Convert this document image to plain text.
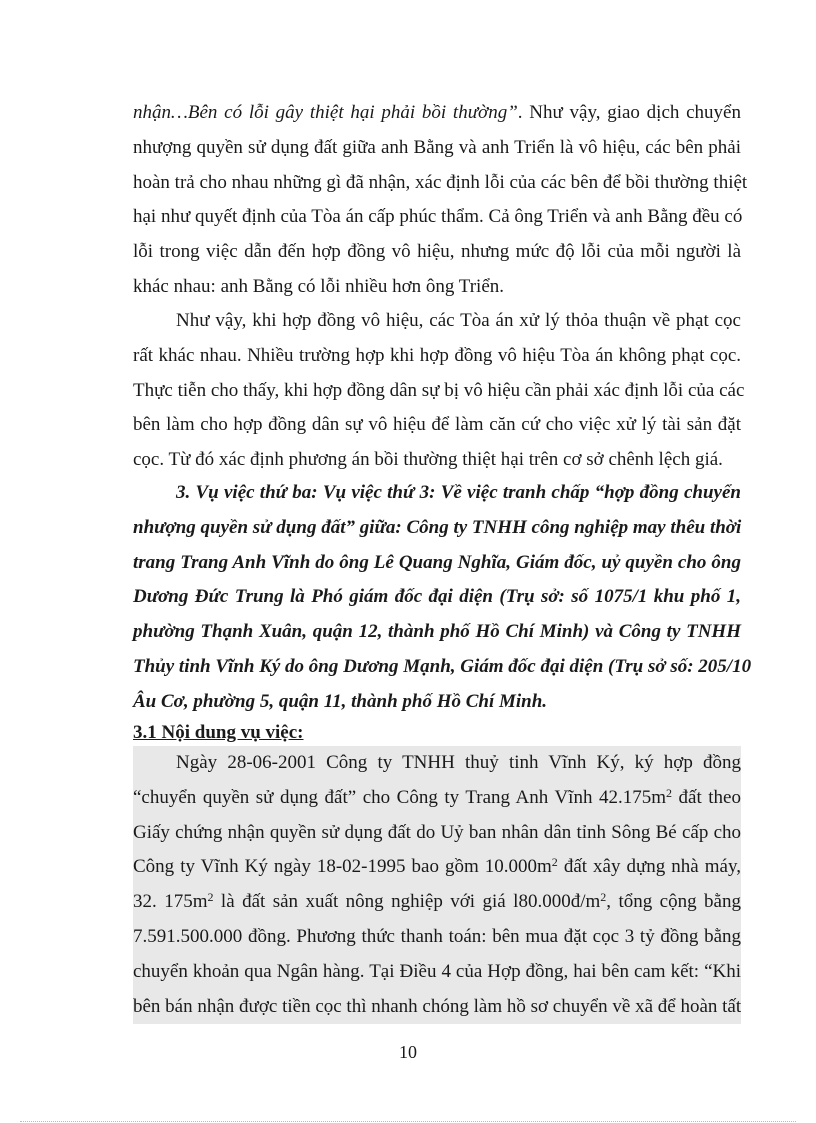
nhận…Bên có lỗi gây thiệt hại phải bồi thường”. Như vậy, giao dịch chuyển
nhượng quyền sử dụng đất giữa anh Bằng và anh Triển là vô hiệu, các bên phải
hoàn trả cho nhau những gì đã nhận, xác định lỗi của các bên để bồi thường thiệt
hại như quyết định của Tòa án cấp phúc thẩm. Cả ông Triển và anh Bằng đều có
lỗi trong việc dẫn đến hợp đồng vô hiệu, nhưng mức độ lỗi của mỗi người là
khác nhau: anh Bằng có lỗi nhiều hơn ông Triển.
Như vậy, khi hợp đồng vô hiệu, các Tòa án xử lý thỏa thuận về phạt cọc
rất khác nhau. Nhiều trường hợp khi hợp đồng vô hiệu Tòa án không phạt cọc.
Thực tiễn cho thấy, khi hợp đồng dân sự bị vô hiệu cần phải xác định lỗi của các
bên làm cho hợp đồng dân sự vô hiệu để làm căn cứ cho việc xử lý tài sản đặt
cọc. Từ đó xác định phương án bồi thường thiệt hại trên cơ sở chênh lệch giá.
3. Vụ việc thứ ba: Vụ việc thứ 3: Về việc tranh chấp “hợp đồng chuyển
nhượng quyền sử dụng đất” giữa: Công ty TNHH công nghiệp may thêu thời
trang Trang Anh Vĩnh do ông Lê Quang Nghĩa, Giám đốc, uỷ quyền cho ông
Dương Đức Trung là Phó giám đốc đại diện (Trụ sở: số 1075/1 khu phố 1,
phường Thạnh Xuân, quận 12, thành phố Hồ Chí Minh) và Công ty TNHH
Thủy tinh Vĩnh Ký do ông Dương Mạnh, Giám đốc đại diện (Trụ sở số: 205/10
Âu Cơ, phường 5, quận 11, thành phố Hồ Chí Minh.
3.1 Nội dung vụ việc:
Ngày 28-06-2001 Công ty TNHH thuỷ tinh Vĩnh Ký, ký hợp đồng
“chuyển quyền sử dụng đất” cho Công ty Trang Anh Vĩnh $42.175m^2$ đất theo
Giấy chứng nhận quyền sử dụng đất do Uỷ ban nhân dân tỉnh Sông Bé cấp cho
Công ty Vĩnh Ký ngày 18-02-1995 bao gồm $10.000m^2$ đất xây dựng nhà máy,
32. $175m^2$ là đất sản xuất nông nghiệp với giá $l80.000đ/m^2$, tổng cộng bằng
7.591.500.000 đồng. Phương thức thanh toán: bên mua đặt cọc 3 tỷ đồng bằng
chuyển khoản qua Ngân hàng. Tại Điều 4 của Hợp đồng, hai bên cam kết: “Khi
bên bán nhận được tiền cọc thì nhanh chóng làm hồ sơ chuyển về xã để hoàn tất
10
